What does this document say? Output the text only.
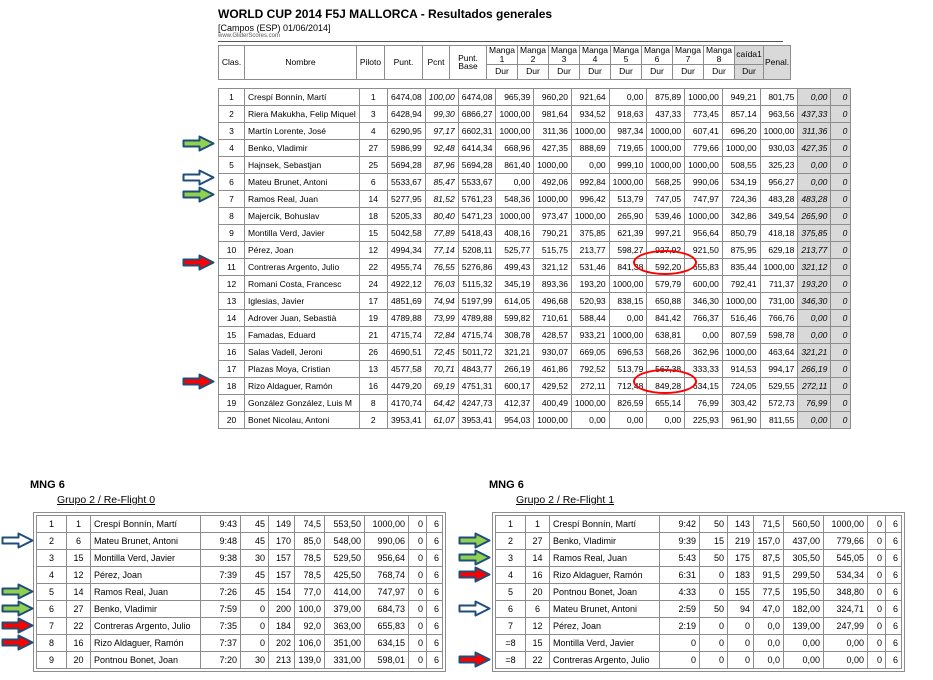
WORLD CUP 2014 F5J MALLORCA - Resultados generales
[Campos (ESP) 01/06/2014]
www.GliderScores.com
Clas.	Nombre	Piloto	Punt.	Pcnt	Punt. Base	Manga 1	Manga 2	Manga 3	Manga 4	Manga 5	Manga 6	Manga 7	Manga 8	caída1	Penal.
						Dur	Dur	Dur	Dur	Dur	Dur	Dur	Dur	Dur	
1	Crespí Bonnín, Martí	1	6474,08	100,00	6474,08	965,39	960,20	921,64	0,00	875,89	1000,00	949,21	801,75	0,00	0
2	Riera Makukha, Felip Miquel	3	6428,94	99,30	6866,27	1000,00	981,64	934,52	918,63	437,33	773,45	857,14	963,56	437,33	0
3	Martín Lorente, José	4	6290,95	97,17	6602,31	1000,00	311,36	1000,00	987,34	1000,00	607,41	696,20	1000,00	311,36	0
4	Benko, Vladimir	27	5986,99	92,48	6414,34	668,96	427,35	888,69	719,65	1000,00	779,66	1000,00	930,03	427,35	0
5	Hajnsek, Sebastjan	25	5694,28	87,96	5694,28	861,40	1000,00	0,00	999,10	1000,00	1000,00	508,55	325,23	0,00	0
6	Mateu Brunet, Antoni	6	5533,67	85,47	5533,67	0,00	492,06	992,84	1000,00	568,25	990,06	534,19	956,27	0,00	0
7	Ramos Real, Juan	14	5277,95	81,52	5761,23	548,36	1000,00	996,42	513,79	747,05	747,97	724,36	483,28	483,28	0
8	Majercik, Bohuslav	18	5205,33	80,40	5471,23	1000,00	973,47	1000,00	265,90	539,46	1000,00	342,86	349,54	265,90	0
9	Montilla Verd, Javier	15	5042,58	77,89	5418,43	408,16	790,21	375,85	621,39	997,21	956,64	850,79	418,18	375,85	0
10	Pérez, Joan	12	4994,34	77,14	5208,11	525,77	515,75	213,77	598,27	927,92	921,50	875,95	629,18	213,77	0
11	Contreras Argento, Julio	22	4955,74	76,55	5276,86	499,43	321,12	531,46	841,38	592,20	655,83	835,44	1000,00	321,12	0
12	Romani Costa, Francesc	24	4922,12	76,03	5115,32	345,19	893,36	193,20	1000,00	579,79	600,00	792,41	711,37	193,20	0
13	Iglesias, Javier	17	4851,69	74,94	5197,99	614,05	496,68	520,93	838,15	650,88	346,30	1000,00	731,00	346,30	0
14	Adrover Juan, Sebastià	19	4789,88	73,99	4789,88	599,82	710,61	588,44	0,00	841,42	766,37	516,46	766,76	0,00	0
15	Famadas, Eduard	21	4715,74	72,84	4715,74	308,78	428,57	933,21	1000,00	638,81	0,00	807,59	598,78	0,00	0
16	Salas Vadell, Jeroni	26	4690,51	72,45	5011,72	321,21	930,07	669,05	696,53	568,26	362,96	1000,00	463,64	321,21	0
17	Plazas Moya, Cristian	13	4577,58	70,71	4843,77	266,19	461,86	792,52	513,79	567,38	333,33	914,53	994,17	266,19	0
18	Rizo Aldaguer, Ramón	16	4479,20	69,19	4751,31	600,17	429,52	272,11	712,48	849,28	634,15	724,05	529,55	272,11	0
19	González González, Luis M	8	4170,74	64,42	4247,73	412,37	400,49	1000,00	826,59	655,14	76,99	303,42	572,73	76,99	0
20	Bonet Nicolau, Antoni	2	3953,41	61,07	3953,41	954,03	1000,00	0,00	0,00	0,00	225,93	961,90	811,55	0,00	0
MNG 6
Grupo 2 / Re-Flight 0
1	1	Crespí Bonnín, Martí	9:43	45	149	74,5	553,50	1000,00	0	6
2	6	Mateu Brunet, Antoni	9:48	45	170	85,0	548,00	990,06	0	6
3	15	Montilla Verd, Javier	9:38	30	157	78,5	529,50	956,64	0	6
4	12	Pérez, Joan	7:39	45	157	78,5	425,50	768,74	0	6
5	14	Ramos Real, Juan	7:26	45	154	77,0	414,00	747,97	0	6
6	27	Benko, Vladimir	7:59	0	200	100,0	379,00	684,73	0	6
7	22	Contreras Argento, Julio	7:35	0	184	92,0	363,00	655,83	0	6
8	16	Rizo Aldaguer, Ramón	7:37	0	202	106,0	351,00	634,15	0	6
9	20	Pontnou Bonet, Joan	7:20	30	213	139,0	331,00	598,01	0	6
MNG 6
Grupo 2 / Re-Flight 1
1	1	Crespí Bonnín, Martí	9:42	50	143	71,5	560,50	1000,00	0	6
2	27	Benko, Vladimir	9:39	15	219	157,0	437,00	779,66	0	6
3	14	Ramos Real, Juan	5:43	50	175	87,5	305,50	545,05	0	6
4	16	Rizo Aldaguer, Ramón	6:31	0	183	91,5	299,50	534,34	0	6
5	20	Pontnou Bonet, Joan	4:33	0	155	77,5	195,50	348,80	0	6
6	6	Mateu Brunet, Antoni	2:59	50	94	47,0	182,00	324,71	0	6
7	12	Pérez, Joan	2:19	0	0	0,0	139,00	247,99	0	6
=8	15	Montilla Verd, Javier	0	0	0	0,0	0,00	0,00	0	6
=8	22	Contreras Argento, Julio	0	0	0	0,0	0,00	0,00	0	6
